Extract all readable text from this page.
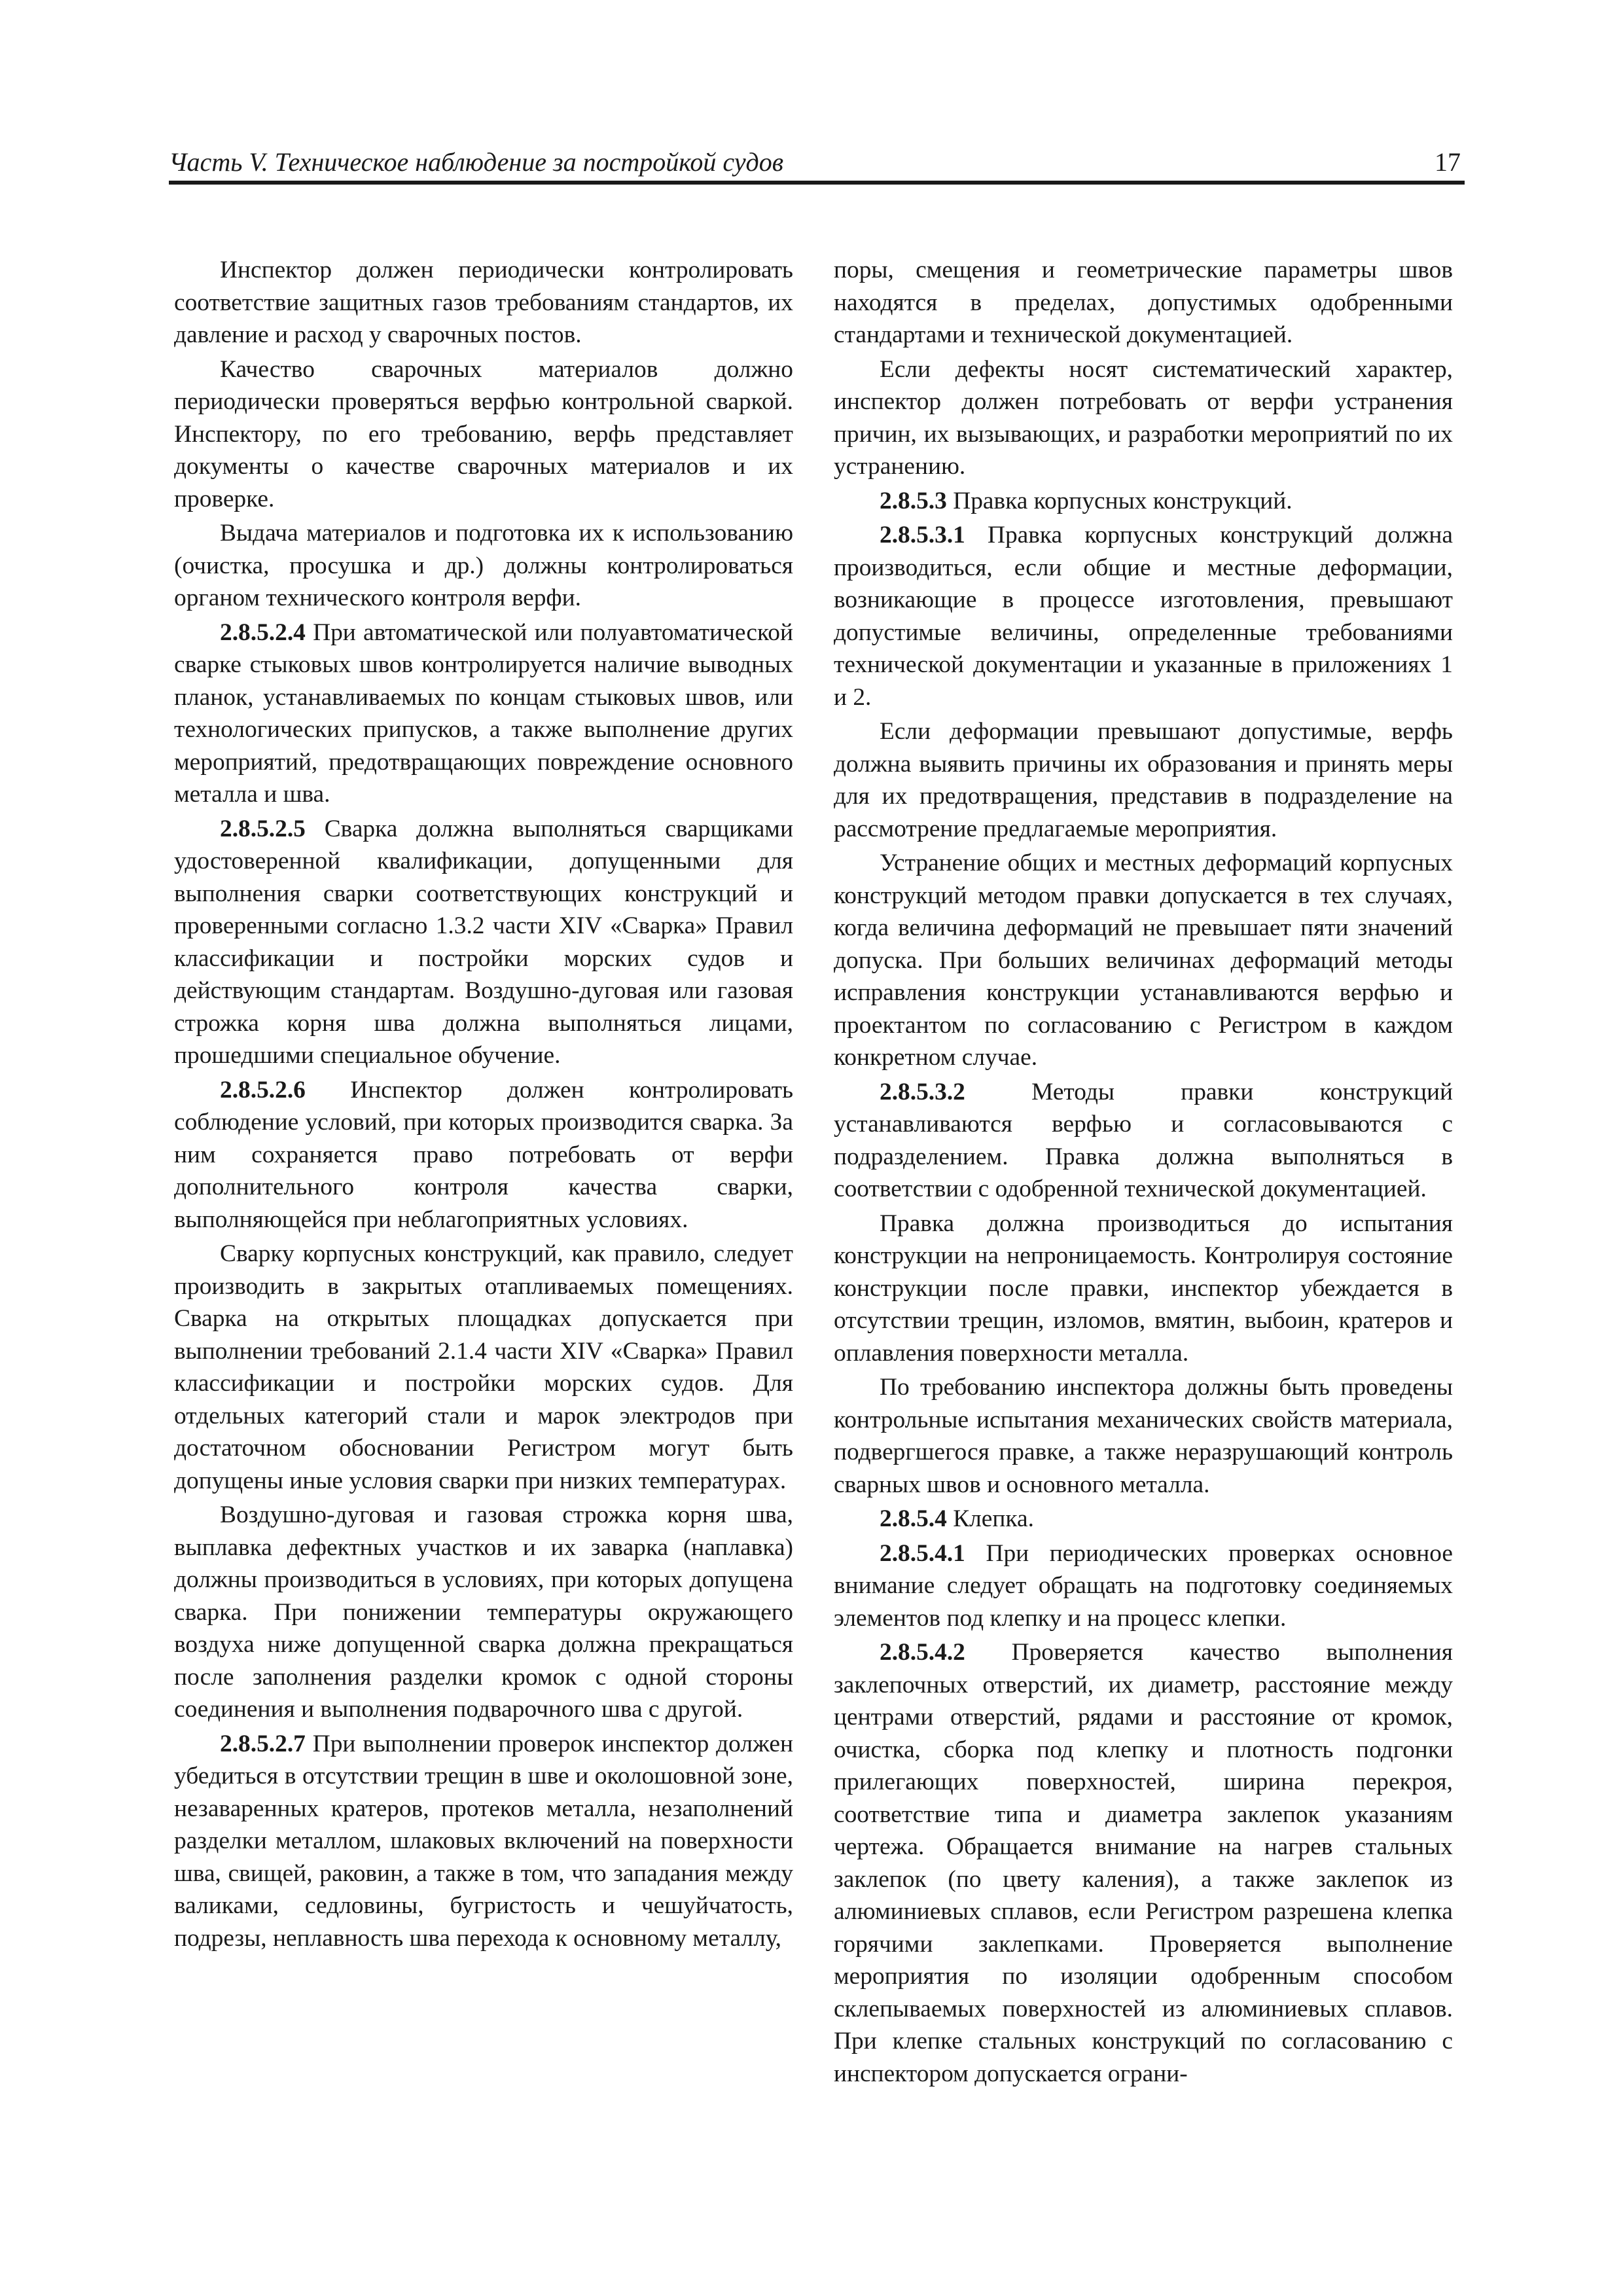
Часть V. Техническое наблюдение за постройкой судов	17

Инспектор должен периодически контролировать соответствие защитных газов требованиям стандартов, их давление и расход у сварочных постов.

Качество сварочных материалов должно периодически проверяться верфью контрольной сваркой. Инспектору, по его требованию, верфь представляет документы о качестве сварочных материалов и их проверке.

Выдача материалов и подготовка их к использованию (очистка, просушка и др.) должны контролироваться органом технического контроля верфи.

2.8.5.2.4 При автоматической или полуавтоматической сварке стыковых швов контролируется наличие выводных планок, устанавливаемых по концам стыковых швов, или технологических припусков, а также выполнение других мероприятий, предотвращающих повреждение основного металла и шва.

2.8.5.2.5 Сварка должна выполняться сварщиками удостоверенной квалификации, допущенными для выполнения сварки соответствующих конструкций и проверенными согласно 1.3.2 части XIV «Сварка» Правил классификации и постройки морских судов и действующим стандартам. Воздушно-дуговая или газовая строжка корня шва должна выполняться лицами, прошедшими специальное обучение.

2.8.5.2.6 Инспектор должен контролировать соблюдение условий, при которых производится сварка. За ним сохраняется право потребовать от верфи дополнительного контроля качества сварки, выполняющейся при неблагоприятных условиях.

Сварку корпусных конструкций, как правило, следует производить в закрытых отапливаемых помещениях. Сварка на открытых площадках допускается при выполнении требований 2.1.4 части XIV «Сварка» Правил классификации и постройки морских судов. Для отдельных категорий стали и марок электродов при достаточном обосновании Регистром могут быть допущены иные условия сварки при низких температурах.

Воздушно-дуговая и газовая строжка корня шва, выплавка дефектных участков и их заварка (наплавка) должны производиться в условиях, при которых допущена сварка. При понижении температуры окружающего воздуха ниже допущенной сварка должна прекращаться после заполнения разделки кромок с одной стороны соединения и выполнения подварочного шва с другой.

2.8.5.2.7 При выполнении проверок инспектор должен убедиться в отсутствии трещин в шве и околошовной зоне, незаваренных кратеров, протеков металла, незаполнений разделки металлом, шлаковых включений на поверхности шва, свищей, раковин, а также в том, что западания между валиками, седловины, бугристость и чешуйчатость, подрезы, неплавность шва перехода к основному металлу,

поры, смещения и геометрические параметры швов находятся в пределах, допустимых одобренными стандартами и технической документацией.

Если дефекты носят систематический характер, инспектор должен потребовать от верфи устранения причин, их вызывающих, и разработки мероприятий по их устранению.

2.8.5.3 Правка корпусных конструкций.

2.8.5.3.1 Правка корпусных конструкций должна производиться, если общие и местные деформации, возникающие в процессе изготовления, превышают допустимые величины, определенные требованиями технической документации и указанные в приложениях 1 и 2.

Если деформации превышают допустимые, верфь должна выявить причины их образования и принять меры для их предотвращения, представив в подразделение на рассмотрение предлагаемые мероприятия.

Устранение общих и местных деформаций корпусных конструкций методом правки допускается в тех случаях, когда величина деформаций не превышает пяти значений допуска. При больших величинах деформаций методы исправления конструкции устанавливаются верфью и проектантом по согласованию с Регистром в каждом конкретном случае.

2.8.5.3.2	Методы правки конструкций устанавливаются верфью и согласовываются с подразделением. Правка должна выполняться в соответствии с одобренной технической документацией.

Правка должна производиться до испытания конструкции на непроницаемость. Контролируя состояние конструкции после правки, инспектор убеждается в отсутствии трещин, изломов, вмятин, выбоин, кратеров и оплавления поверхности металла.

По требованию инспектора должны быть проведены контрольные испытания механических свойств материала, подвергшегося правке, а также неразрушающий контроль сварных швов и основного металла.

2.8.5.4 Клепка.

2.8.5.4.1 При периодических проверках основное внимание следует обращать на подготовку соединяемых элементов под клепку и на процесс клепки.

2.8.5.4.2 Проверяется качество выполнения заклепочных отверстий, их диаметр, расстояние между центрами отверстий, рядами и расстояние от кромок, очистка, сборка под клепку и плотность подгонки прилегающих поверхностей, ширина перекроя, соответствие типа и диаметра заклепок указаниям чертежа. Обращается внимание на нагрев стальных заклепок (по цвету каления), а также заклепок из алюминиевых сплавов, если Регистром разрешена клепка горячими заклепками. Проверяется выполнение мероприятия по изоляции одобренным способом склепываемых поверхностей из алюминиевых сплавов. При клепке стальных конструкций по согласованию с инспектором допускается ограни-
